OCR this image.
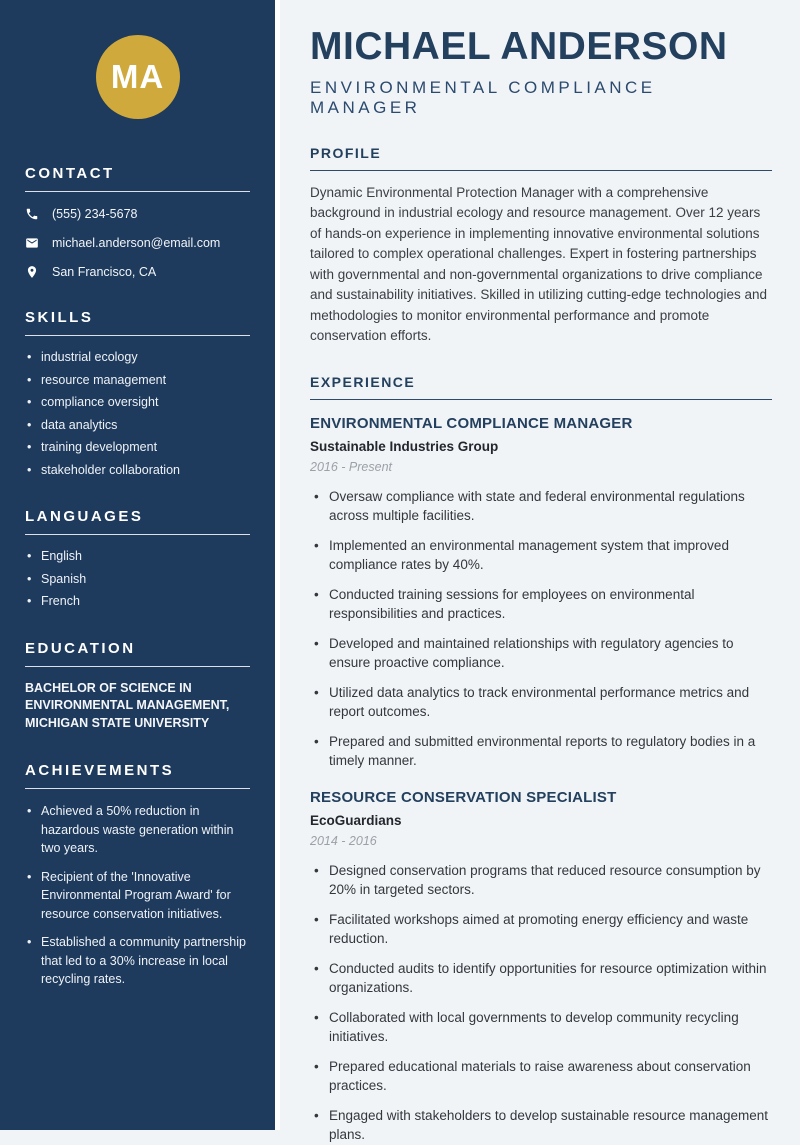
MA
CONTACT
(555) 234-5678
michael.anderson@email.com
San Francisco, CA
SKILLS
• industrial ecology
• resource management
• compliance oversight
• data analytics
• training development
• stakeholder collaboration
LANGUAGES
• English
• Spanish
• French
EDUCATION
BACHELOR OF SCIENCE IN ENVIRONMENTAL MANAGEMENT, MICHIGAN STATE UNIVERSITY
ACHIEVEMENTS
• Achieved a 50% reduction in hazardous waste generation within two years.
• Recipient of the 'Innovative Environmental Program Award' for resource conservation initiatives.
• Established a community partnership that led to a 30% increase in local recycling rates.
MICHAEL ANDERSON
ENVIRONMENTAL COMPLIANCE MANAGER
PROFILE

Dynamic Environmental Protection Manager with a comprehensive background in industrial ecology and resource management. Over 12 years of hands-on experience in implementing innovative environmental solutions tailored to complex operational challenges. Expert in fostering partnerships with governmental and non-governmental organizations to drive compliance and sustainability initiatives. Skilled in utilizing cutting-edge technologies and methodologies to monitor environmental performance and promote conservation efforts.

EXPERIENCE
ENVIRONMENTAL COMPLIANCE MANAGER
Sustainable Industries Group
2016 - Present
• Oversaw compliance with state and federal environmental regulations across multiple facilities.
• Implemented an environmental management system that improved compliance rates by 40%.
• Conducted training sessions for employees on environmental responsibilities and practices.
• Developed and maintained relationships with regulatory agencies to ensure proactive compliance.
• Utilized data analytics to track environmental performance metrics and report outcomes.
• Prepared and submitted environmental reports to regulatory bodies in a timely manner.
RESOURCE CONSERVATION SPECIALIST
EcoGuardians
2014 - 2016
• Designed conservation programs that reduced resource consumption by 20% in targeted sectors.
• Facilitated workshops aimed at promoting energy efficiency and waste reduction.
• Conducted audits to identify opportunities for resource optimization within organizations.
• Collaborated with local governments to develop community recycling initiatives.
• Prepared educational materials to raise awareness about conservation practices.
• Engaged with stakeholders to develop sustainable resource management plans.
